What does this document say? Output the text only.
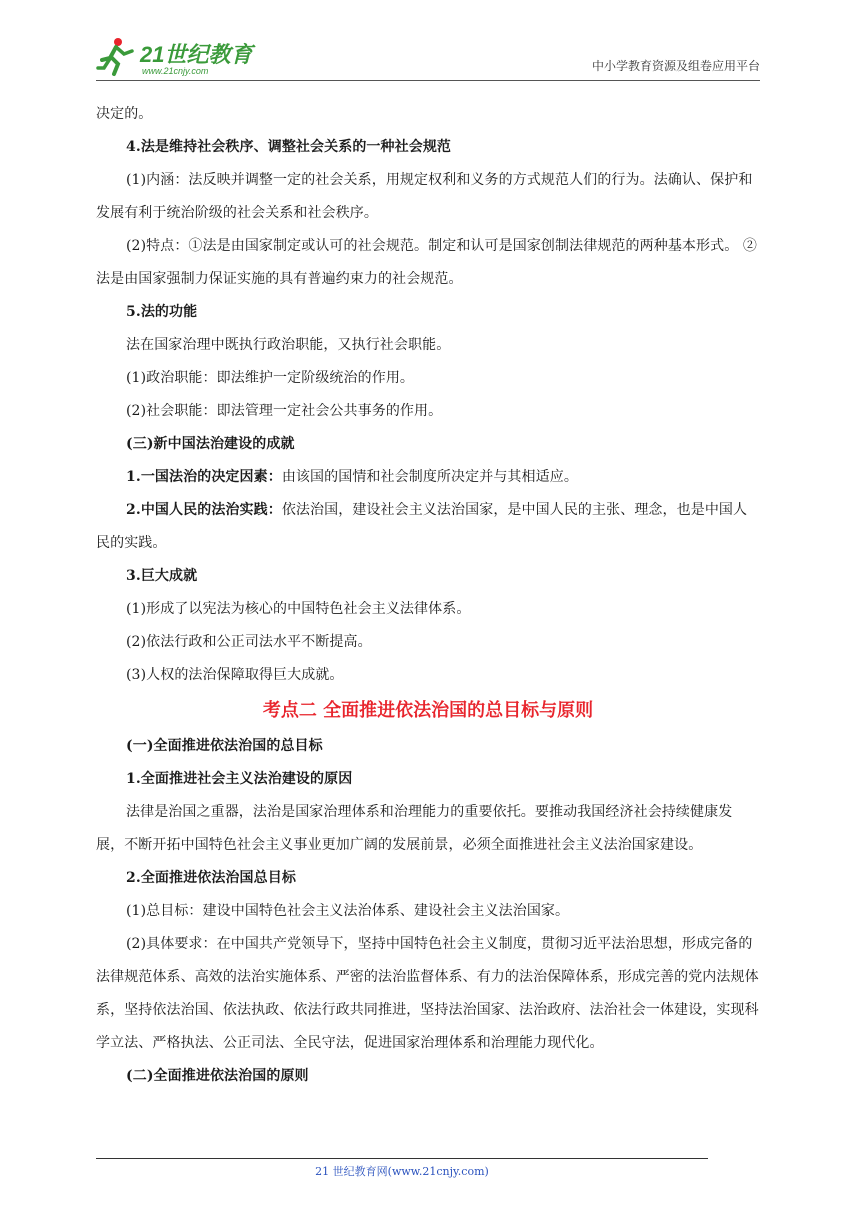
21世纪教育
www.21cnjy.com	中小学教育资源及组卷应用平台

决定的。

4.法是维持社会秩序、调整社会关系的一种社会规范

(1)内涵：法反映并调整一定的社会关系，用规定权利和义务的方式规范人们的行为。法确认、保护和发展有利于统治阶级的社会关系和社会秩序。

(2)特点：①法是由国家制定或认可的社会规范。制定和认可是国家创制法律规范的两种基本形式。 ②法是由国家强制力保证实施的具有普遍约束力的社会规范。

5.法的功能

法在国家治理中既执行政治职能，又执行社会职能。

(1)政治职能：即法维护一定阶级统治的作用。

(2)社会职能：即法管理一定社会公共事务的作用。

(三)新中国法治建设的成就

1.一国法治的决定因素：由该国的国情和社会制度所决定并与其相适应。

2.中国人民的法治实践：依法治国，建设社会主义法治国家，是中国人民的主张、理念，也是中国人民的实践。

3.巨大成就

(1)形成了以宪法为核心的中国特色社会主义法律体系。

(2)依法行政和公正司法水平不断提高。

(3)人权的法治保障取得巨大成就。

考点二 全面推进依法治国的总目标与原则

(一)全面推进依法治国的总目标

1.全面推进社会主义法治建设的原因

法律是治国之重器，法治是国家治理体系和治理能力的重要依托。要推动我国经济社会持续健康发展，不断开拓中国特色社会主义事业更加广阔的发展前景，必须全面推进社会主义法治国家建设。

2.全面推进依法治国总目标

(1)总目标：建设中国特色社会主义法治体系、建设社会主义法治国家。

(2)具体要求：在中国共产党领导下，坚持中国特色社会主义制度，贯彻习近平法治思想，形成完备的法律规范体系、高效的法治实施体系、严密的法治监督体系、有力的法治保障体系，形成完善的党内法规体系，坚持依法治国、依法执政、依法行政共同推进，坚持法治国家、法治政府、法治社会一体建设，实现科学立法、严格执法、公正司法、全民守法，促进国家治理体系和治理能力现代化。

(二)全面推进依法治国的原则

21 世纪教育网(www.21cnjy.com)
